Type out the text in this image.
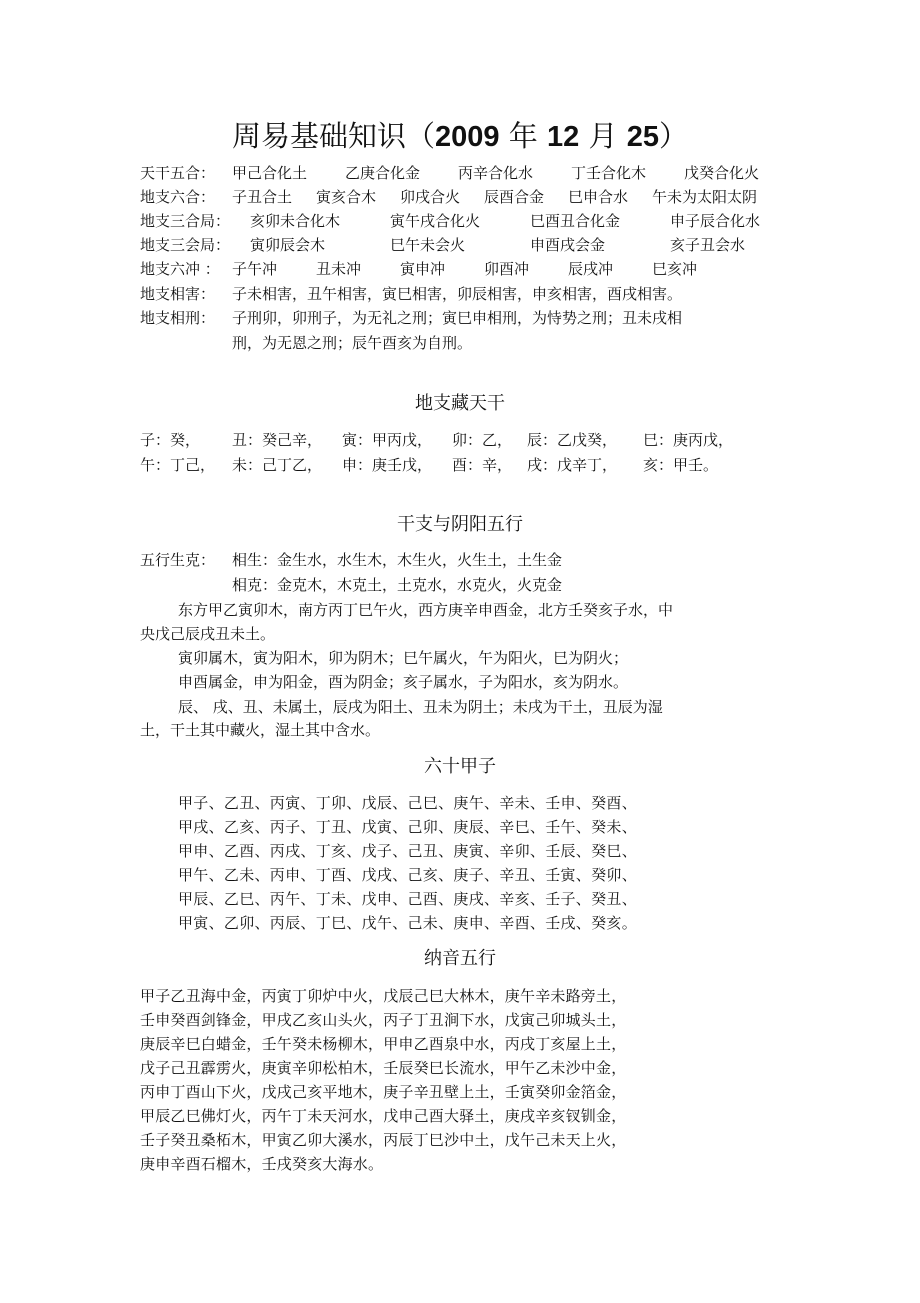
周易基础知识（2009 年 12 月 25）
天干五合： 甲己合化土	乙庚合化金	丙辛合化水	丁壬合化木	戊癸合化火
地支六合： 子丑合土 寅亥合木 卯戌合火 辰酉合金 巳申合水 午未为太阳太阴
地支三合局： 亥卯未合化木	寅午戌合化火	巳酉丑合化金	申子辰合化水
地支三会局： 寅卯辰会木	巳午未会火	申酉戌会金	亥子丑会水
地支六冲 ： 子午冲	丑未冲	寅申冲	卯酉冲	辰戌冲	巳亥冲
地支相害： 子未相害，丑午相害，寅巳相害，卯辰相害，申亥相害，酉戌相害。
地支相刑： 子刑卯，卯刑子，为无礼之刑；寅巳申相刑，为恃势之刑；丑未戌相
刑，为无恩之刑；辰午酉亥为自刑。
地支藏天干
子：癸， 丑：癸己辛， 寅：甲丙戊， 卯：乙， 辰：乙戊癸， 巳：庚丙戊，
午：丁己， 未：己丁乙， 申：庚壬戊， 酉：辛， 戌：戊辛丁， 亥：甲壬。
干支与阴阳五行
五行生克： 相生：金生水，水生木，木生火，火生土，土生金
相克：金克木，木克土，土克水，水克火，火克金
东方甲乙寅卯木，南方丙丁巳午火，西方庚辛申酉金，北方壬癸亥子水，中
央戊己辰戌丑未土。
寅卯属木，寅为阳木，卯为阴木；巳午属火，午为阳火，巳为阴火；
申酉属金，申为阳金，酉为阴金；亥子属水，子为阳水，亥为阴水。
辰、 戌、丑、未属土，辰戌为阳土、丑未为阴土；未戌为干土，丑辰为湿
土，干土其中藏火，湿土其中含水。
六十甲子
甲子、乙丑、丙寅、丁卯、戊辰、己巳、庚午、辛未、壬申、癸酉、
甲戌、乙亥、丙子、丁丑、戊寅、己卯、庚辰、辛巳、壬午、癸未、
甲申、乙酉、丙戌、丁亥、戊子、己丑、庚寅、辛卯、壬辰、癸巳、
甲午、乙未、丙申、丁酉、戊戌、己亥、庚子、辛丑、壬寅、癸卯、
甲辰、乙巳、丙午、丁未、戊申、己酉、庚戌、辛亥、壬子、癸丑、
甲寅、乙卯、丙辰、丁巳、戊午、己未、庚申、辛酉、壬戌、癸亥。
纳音五行
甲子乙丑海中金，丙寅丁卯炉中火，戊辰己巳大林木，庚午辛未路旁土，
壬申癸酉剑锋金，甲戌乙亥山头火，丙子丁丑涧下水，戊寅己卯城头土，
庚辰辛巳白蜡金，壬午癸未杨柳木，甲申乙酉泉中水，丙戌丁亥屋上土，
戊子己丑霹雳火，庚寅辛卯松柏木，壬辰癸巳长流水，甲午乙未沙中金，
丙申丁酉山下火，戊戌己亥平地木，庚子辛丑壁上土，壬寅癸卯金箔金，
甲辰乙巳佛灯火，丙午丁未天河水，戊申己酉大驿土，庚戌辛亥钗钏金，
壬子癸丑桑柘木，甲寅乙卯大溪水，丙辰丁巳沙中土，戊午己未天上火，
庚申辛酉石榴木，壬戌癸亥大海水。
